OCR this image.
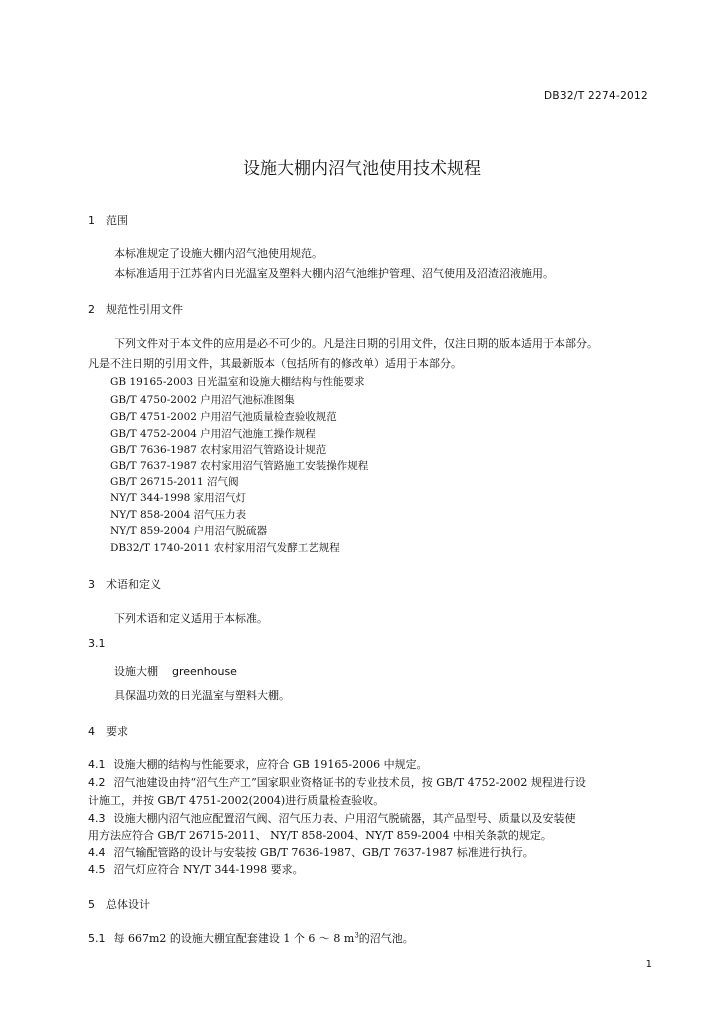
DB32/T 2274-2012
设施大棚内沼气池使用技术规程
1 范围
本标准规定了设施大棚内沼气池使用规范。
本标准适用于江苏省内日光温室及塑料大棚内沼气池维护管理、沼气使用及沼渣沼液施用。
2 规范性引用文件
下列文件对于本文件的应用是必不可少的。凡是注日期的引用文件，仅注日期的版本适用于本部分。
凡是不注日期的引用文件，其最新版本（包括所有的修改单）适用于本部分。
GB 19165-2003 日光温室和设施大棚结构与性能要求
GB/T 4750-2002 户用沼气池标准图集
GB/T 4751-2002 户用沼气池质量检查验收规范
GB/T 4752-2004 户用沼气池施工操作规程
GB/T 7636-1987 农村家用沼气管路设计规范
GB/T 7637-1987 农村家用沼气管路施工安装操作规程
GB/T 26715-2011 沼气阀
NY/T 344-1998 家用沼气灯
NY/T 858-2004 沼气压力表
NY/T 859-2004 户用沼气脱硫器
DB32/T 1740-2011 农村家用沼气发酵工艺规程
3 术语和定义
下列术语和定义适用于本标准。
3.1
设施大棚 greenhouse
具保温功效的日光温室与塑料大棚。
4 要求
4.1 设施大棚的结构与性能要求，应符合 GB 19165-2006 中规定。
4.2 沼气池建设由持“沼气生产工”国家职业资格证书的专业技术员，按 GB/T 4752-2002 规程进行设
计施工，并按 GB/T 4751-2002(2004)进行质量检查验收。
4.3 设施大棚内沼气池应配置沼气阀、沼气压力表、户用沼气脱硫器，其产品型号、质量以及安装使
用方法应符合 GB/T 26715-2011、 NY/T 858-2004、NY/T 859-2004 中相关条款的规定。
4.4 沼气输配管路的设计与安装按 GB/T 7636-1987、GB/T 7637-1987 标准进行执行。
4.5 沼气灯应符合 NY/T 344-1998 要求。
5 总体设计
5.1 每 667m2 的设施大棚宜配套建设 1 个 6 ～ 8 $m^3$的沼气池。
1
